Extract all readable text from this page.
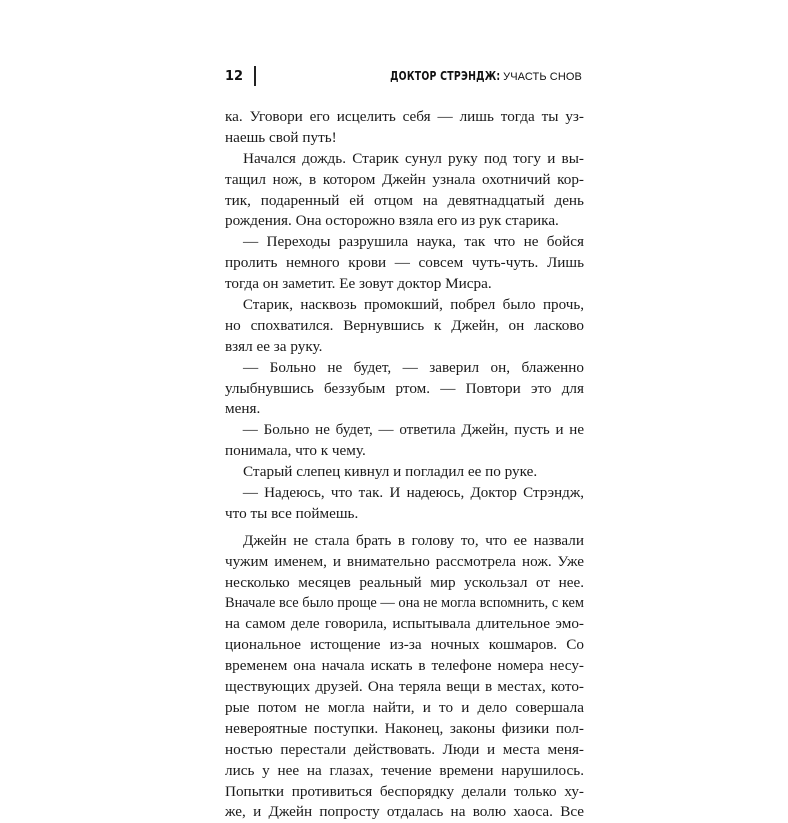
12	ДОКТОР СТРЭНДЖ: УЧАСТЬ СНОВ
ка. Уговори его исцелить себя — лишь тогда ты уз-
наешь свой путь!
Начался дождь. Старик сунул руку под тогу и вы-
тащил нож, в котором Джейн узнала охотничий кор-
тик, подаренный ей отцом на девятнадцатый день
рождения. Она осторожно взяла его из рук старика.
— Переходы разрушила наука, так что не бойся
пролить немного крови — совсем чуть-чуть. Лишь
тогда он заметит. Ее зовут доктор Мисра.
Старик, насквозь промокший, побрел было прочь,
но спохватился. Вернувшись к Джейн, он ласково
взял ее за руку.
— Больно не будет, — заверил он, блаженно
улыбнувшись беззубым ртом. — Повтори это для
меня.
— Больно не будет, — ответила Джейн, пусть и не
понимала, что к чему.
Старый слепец кивнул и погладил ее по руке.
— Надеюсь, что так. И надеюсь, Доктор Стрэндж,
что ты все поймешь.
Джейн не стала брать в голову то, что ее назвали
чужим именем, и внимательно рассмотрела нож. Уже
несколько месяцев реальный мир ускользал от нее.
Вначале все было проще — она не могла вспомнить, с кем
на самом деле говорила, испытывала длительное эмо-
циональное истощение из-за ночных кошмаров. Со
временем она начала искать в телефоне номера несу-
ществующих друзей. Она теряла вещи в местах, кото-
рые потом не могла найти, и то и дело совершала
невероятные поступки. Наконец, законы физики пол-
ностью перестали действовать. Люди и места меня-
лись у нее на глазах, течение времени нарушилось.
Попытки противиться беспорядку делали только ху-
же, и Джейн попросту отдалась на волю хаоса. Все
